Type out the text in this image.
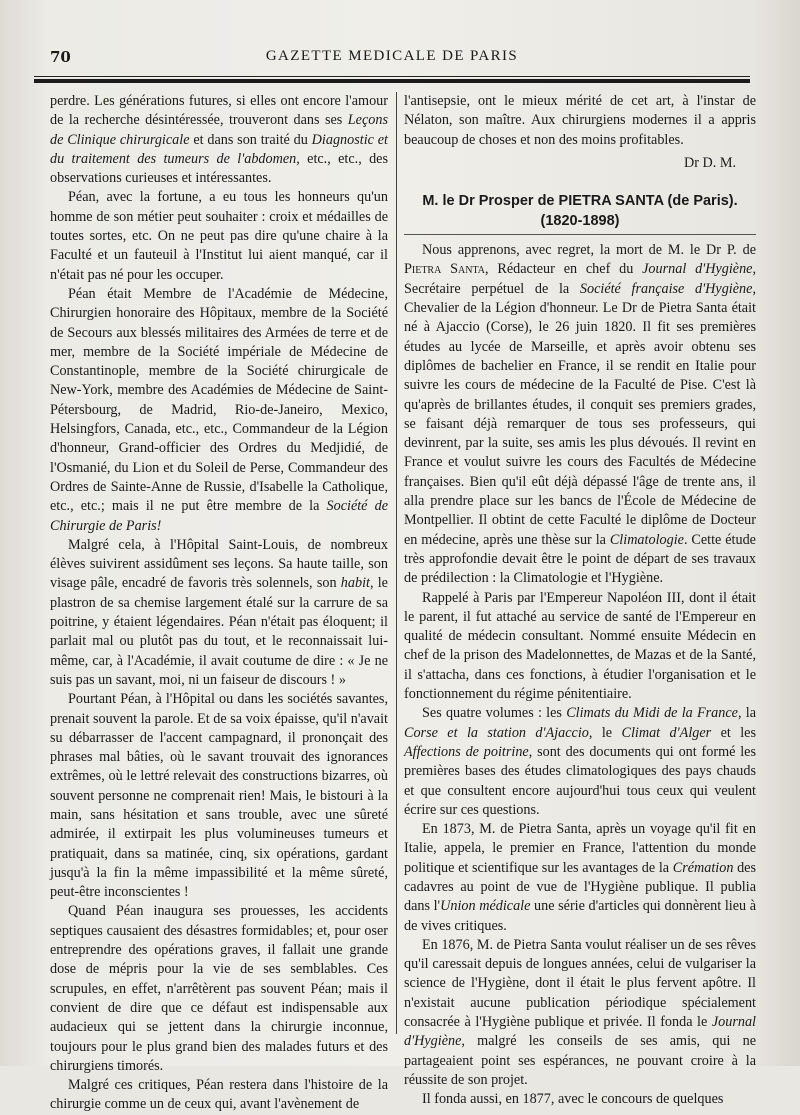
70	GAZETTE MEDICALE DE PARIS

perdre. Les générations futures, si elles ont encore l'amour de la recherche désintéressée, trouveront dans ses Leçons de Clinique chirurgicale et dans son traité du Diagnostic et du traitement des tumeurs de l'abdomen, etc., etc., des observations curieuses et intéressantes.

Péan, avec la fortune, a eu tous les honneurs qu'un homme de son métier peut souhaiter : croix et médailles de toutes sortes, etc. On ne peut pas dire qu'une chaire à la Faculté et un fauteuil à l'Institut lui aient manqué, car il n'était pas né pour les occuper.

Péan était Membre de l'Académie de Médecine, Chirurgien honoraire des Hôpitaux, membre de la Société de Secours aux blessés militaires des Armées de terre et de mer, membre de la Société impériale de Médecine de Constantinople, membre de la Société chirurgicale de New-York, membre des Académies de Médecine de Saint-Pétersbourg, de Madrid, Rio-de-Janeiro, Mexico, Helsingfors, Canada, etc., etc., Commandeur de la Légion d'honneur, Grand-officier des Ordres du Medjidié, de l'Osmanié, du Lion et du Soleil de Perse, Commandeur des Ordres de Sainte-Anne de Russie, d'Isabelle la Catholique, etc., etc.; mais il ne put être membre de la Société de Chirurgie de Paris!

Malgré cela, à l'Hôpital Saint-Louis, de nombreux élèves suivirent assidûment ses leçons. Sa haute taille, son visage pâle, encadré de favoris très solennels, son habit, le plastron de sa chemise largement étalé sur la carrure de sa poitrine, y étaient légendaires. Péan n'était pas éloquent; il parlait mal ou plutôt pas du tout, et le reconnaissait lui-même, car, à l'Académie, il avait coutume de dire : « Je ne suis pas un savant, moi, ni un faiseur de discours ! »

Pourtant Péan, à l'Hôpital ou dans les sociétés savantes, prenait souvent la parole. Et de sa voix épaisse, qu'il n'avait su débarrasser de l'accent campagnard, il prononçait des phrases mal bâties, où le savant trouvait des ignorances extrêmes, où le lettré relevait des constructions bizarres, où souvent personne ne comprenait rien! Mais, le bistouri à la main, sans hésitation et sans trouble, avec une sûreté admirée, il extirpait les plus volumineuses tumeurs et pratiquait, dans sa matinée, cinq, six opérations, gardant jusqu'à la fin la même impassibilité et la même sûreté, peut-être inconscientes !

Quand Péan inaugura ses prouesses, les accidents septiques causaient des désastres formidables; et, pour oser entreprendre des opérations graves, il fallait une grande dose de mépris pour la vie de ses semblables. Ces scrupules, en effet, n'arrêtèrent pas souvent Péan; mais il convient de dire que ce défaut est indispensable aux audacieux qui se jettent dans la chirurgie inconnue, toujours pour le plus grand bien des malades futurs et des chirurgiens timorés.

Malgré ces critiques, Péan restera dans l'histoire de la chirurgie comme un de ceux qui, avant l'avènement de

l'antisepsie, ont le mieux mérité de cet art, à l'instar de Nélaton, son maître. Aux chirurgiens modernes il a appris beaucoup de choses et non des moins profitables.

Dr D. M.

M. le Dr Prosper de PIETRA SANTA (de Paris).
(1820-1898)

Nous apprenons, avec regret, la mort de M. le Dr P. de Pietra Santa, Rédacteur en chef du Journal d'Hygiène, Secrétaire perpétuel de la Société française d'Hygiène, Chevalier de la Légion d'honneur. Le Dr de Pietra Santa était né à Ajaccio (Corse), le 26 juin 1820. Il fit ses premières études au lycée de Marseille, et après avoir obtenu ses diplômes de bachelier en France, il se rendit en Italie pour suivre les cours de médecine de la Faculté de Pise. C'est là qu'après de brillantes études, il conquit ses premiers grades, se faisant déjà remarquer de tous ses professeurs, qui devinrent, par la suite, ses amis les plus dévoués. Il revint en France et voulut suivre les cours des Facultés de Médecine françaises. Bien qu'il eût déjà dépassé l'âge de trente ans, il alla prendre place sur les bancs de l'École de Médecine de Montpellier. Il obtint de cette Faculté le diplôme de Docteur en médecine, après une thèse sur la Climatologie. Cette étude très approfondie devait être le point de départ de ses travaux de prédilection : la Climatologie et l'Hygiène.

Rappelé à Paris par l'Empereur Napoléon III, dont il était le parent, il fut attaché au service de santé de l'Empereur en qualité de médecin consultant. Nommé ensuite Médecin en chef de la prison des Madelonnettes, de Mazas et de la Santé, il s'attacha, dans ces fonctions, à étudier l'organisation et le fonctionnement du régime pénitentiaire.

Ses quatre volumes : les Climats du Midi de la France, la Corse et la station d'Ajaccio, le Climat d'Alger et les Affections de poitrine, sont des documents qui ont formé les premières bases des études climatologiques des pays chauds et que consultent encore aujourd'hui tous ceux qui veulent écrire sur ces questions.

En 1873, M. de Pietra Santa, après un voyage qu'il fit en Italie, appela, le premier en France, l'attention du monde politique et scientifique sur les avantages de la Crémation des cadavres au point de vue de l'Hygiène publique. Il publia dans l'Union médicale une série d'articles qui donnèrent lieu à de vives critiques.

En 1876, M. de Pietra Santa voulut réaliser un de ses rêves qu'il caressait depuis de longues années, celui de vulgariser la science de l'Hygiène, dont il était le plus fervent apôtre. Il n'existait aucune publication périodique spécialement consacrée à l'Hygiène publique et privée. Il fonda le Journal d'Hygiène, malgré les conseils de ses amis, qui ne partageaient point ses espérances, ne pouvant croire à la réussite de son projet.

Il fonda aussi, en 1877, avec le concours de quelques
